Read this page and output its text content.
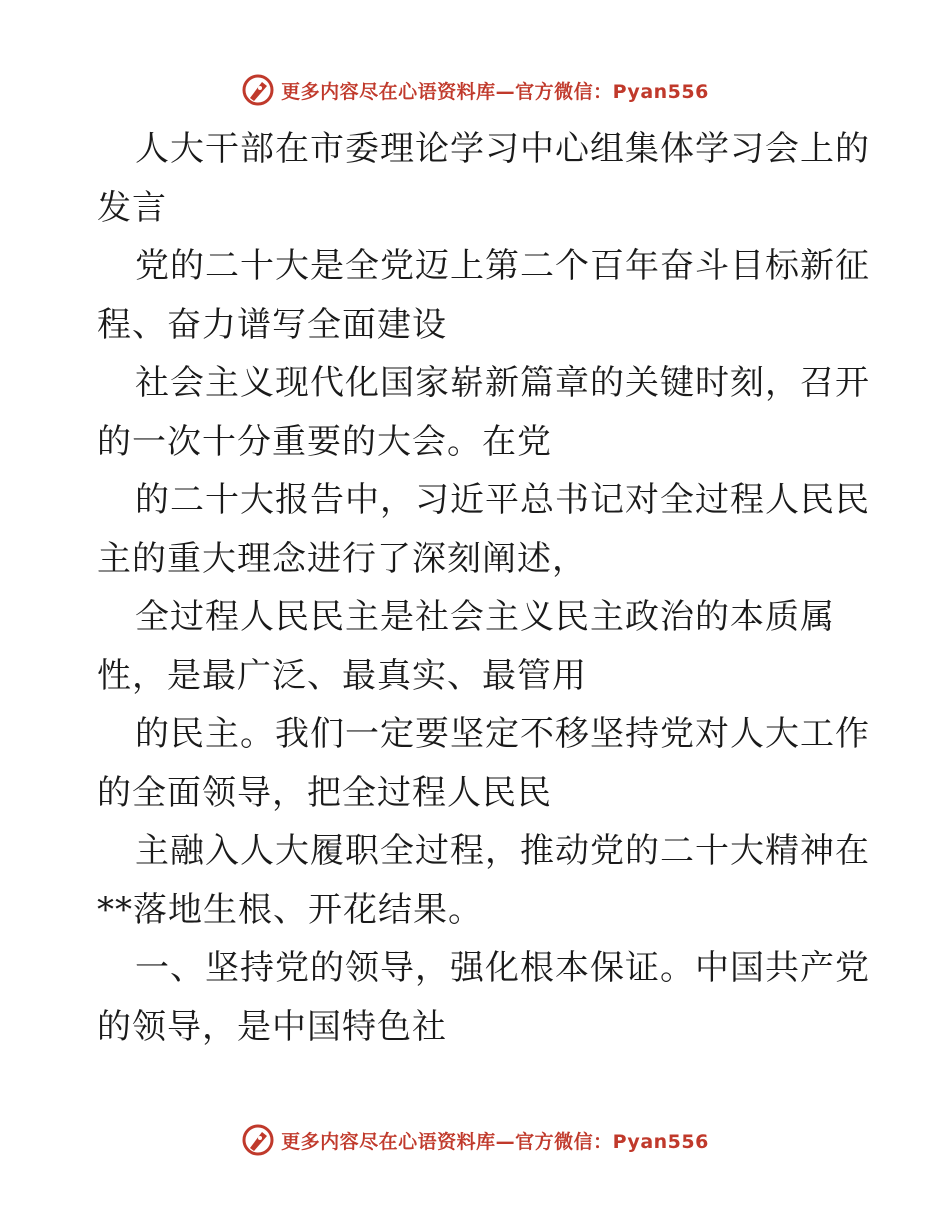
更多内容尽在心语资料库—官方微信：Pyan556
人大干部在市委理论学习中心组集体学习会上的
发言
党的二十大是全党迈上第二个百年奋斗目标新征
程、奋力谱写全面建设
社会主义现代化国家崭新篇章的关键时刻，召开
的一次十分重要的大会。在党
的二十大报告中，习近平总书记对全过程人民民
主的重大理念进行了深刻阐述，
全过程人民民主是社会主义民主政治的本质属
性，是最广泛、最真实、最管用
的民主。我们一定要坚定不移坚持党对人大工作
的全面领导，把全过程人民民
主融入人大履职全过程，推动党的二十大精神在
**落地生根、开花结果。
一、坚持党的领导，强化根本保证。中国共产党
的领导，是中国特色社
更多内容尽在心语资料库—官方微信：Pyan556
